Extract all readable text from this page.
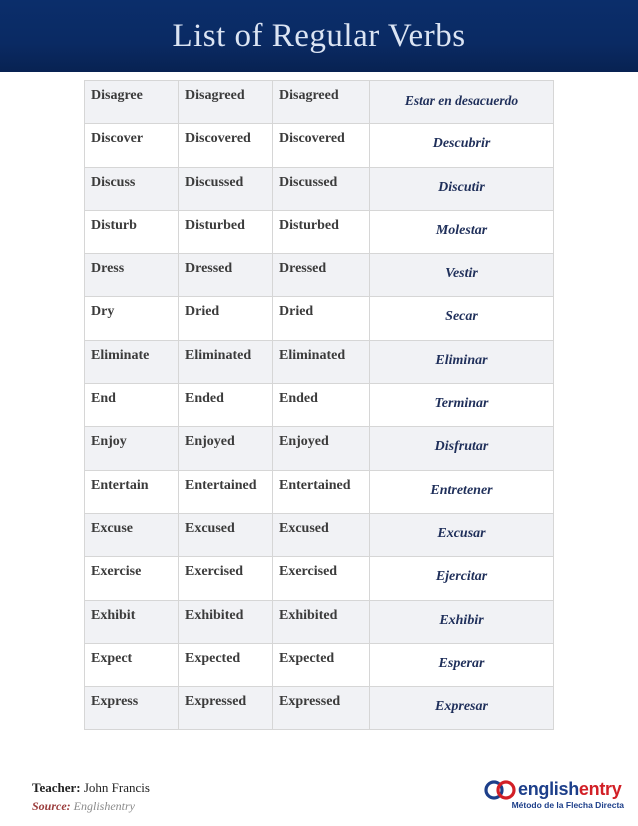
List of Regular Verbs
Disagree	Disagreed	Disagreed	Estar en desacuerdo
Discover	Discovered	Discovered	Descubrir
Discuss	Discussed	Discussed	Discutir
Disturb	Disturbed	Disturbed	Molestar
Dress	Dressed	Dressed	Vestir
Dry	Dried	Dried	Secar
Eliminate	Eliminated	Eliminated	Eliminar
End	Ended	Ended	Terminar
Enjoy	Enjoyed	Enjoyed	Disfrutar
Entertain	Entertained	Entertained	Entretener
Excuse	Excused	Excused	Excusar
Exercise	Exercised	Exercised	Ejercitar
Exhibit	Exhibited	Exhibited	Exhibir
Expect	Expected	Expected	Esperar
Express	Expressed	Expressed	Expresar
Teacher: John Francis
Source: Englishentry
englishentry
Método de la Flecha Directa
